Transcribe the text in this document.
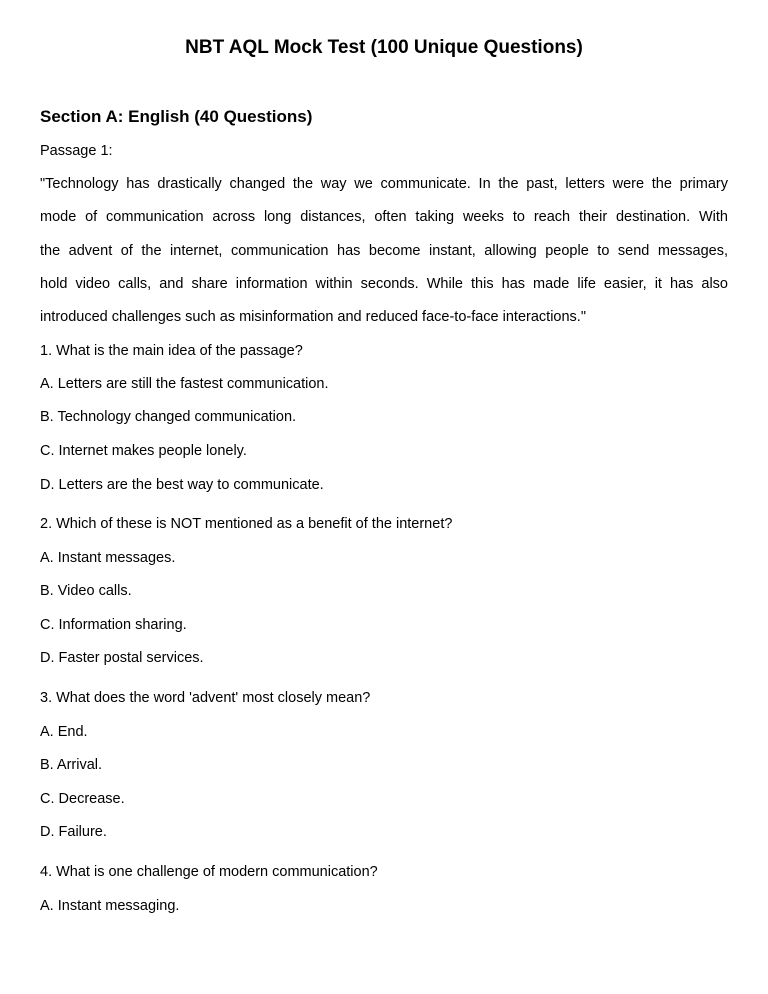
NBT AQL Mock Test (100 Unique Questions)
Section A: English (40 Questions)

Passage 1:

"Technology has drastically changed the way we communicate. In the past, letters were the primary

mode of communication across long distances, often taking weeks to reach their destination. With

the advent of the internet, communication has become instant, allowing people to send messages,

hold video calls, and share information within seconds. While this has made life easier, it has also

introduced challenges such as misinformation and reduced face-to-face interactions."

1. What is the main idea of the passage?

A. Letters are still the fastest communication.

B. Technology changed communication.

C. Internet makes people lonely.

D. Letters are the best way to communicate.

2. Which of these is NOT mentioned as a benefit of the internet?

A. Instant messages.

B. Video calls.

C. Information sharing.

D. Faster postal services.

3. What does the word 'advent' most closely mean?

A. End.

B. Arrival.

C. Decrease.

D. Failure.

4. What is one challenge of modern communication?

A. Instant messaging.
